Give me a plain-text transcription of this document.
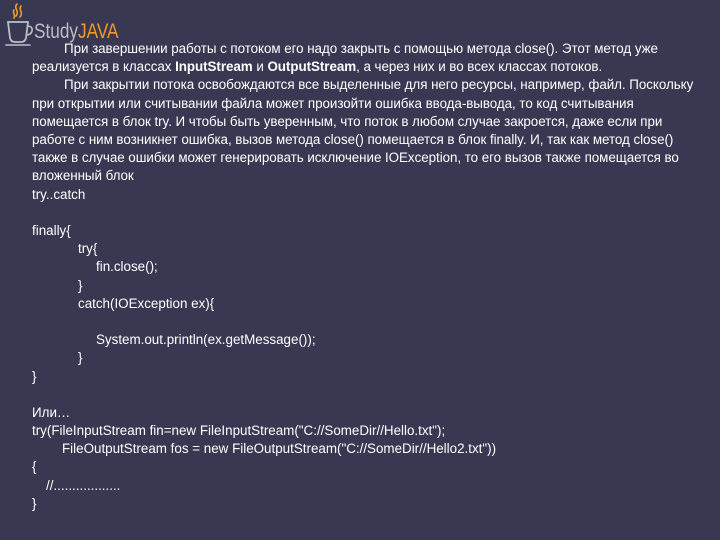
StudyJAVA

При завершении работы с потоком его надо закрыть с помощью метода close(). Этот метод уже реализуется в классах InputStream и OutputStream, а через них и во всех классах потоков.

При закрытии потока освобождаются все выделенные для него ресурсы, например, файл. Поскольку при открытии или считывании файла может произойти ошибка ввода-вывода, то код считывания помещается в блок try. И чтобы быть уверенным, что поток в любом случае закроется, даже если при работе с ним возникнет ошибка, вызов метода close() помещается в блок finally. И, так как метод close() также в случае ошибки может генерировать исключение IOException, то его вызов также помещается во вложенный блок

try..catch
finally{
try{
fin.close();
}
catch(IOException ex){
System.out.println(ex.getMessage());
}
}
Или…
try(FileInputStream fin=new FileInputStream("C://SomeDir//Hello.txt");
FileOutputStream fos = new FileOutputStream("C://SomeDir//Hello2.txt"))
{
//..................
}
